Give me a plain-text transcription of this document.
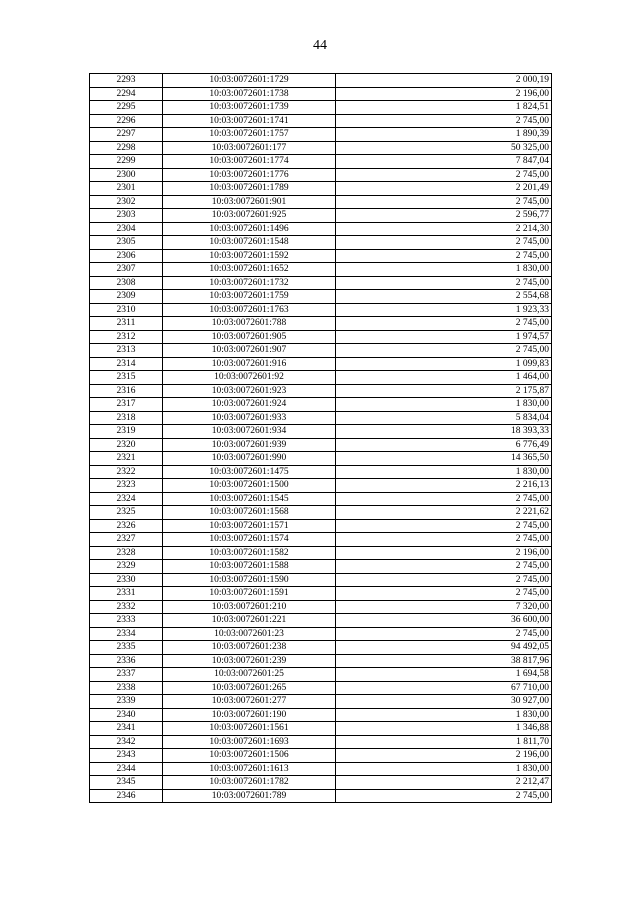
44
2293	10:03:0072601:1729	2 000,19
2294	10:03:0072601:1738	2 196,00
2295	10:03:0072601:1739	1 824,51
2296	10:03:0072601:1741	2 745,00
2297	10:03:0072601:1757	1 890,39
2298	10:03:0072601:177	50 325,00
2299	10:03:0072601:1774	7 847,04
2300	10:03:0072601:1776	2 745,00
2301	10:03:0072601:1789	2 201,49
2302	10:03:0072601:901	2 745,00
2303	10:03:0072601:925	2 596,77
2304	10:03:0072601:1496	2 214,30
2305	10:03:0072601:1548	2 745,00
2306	10:03:0072601:1592	2 745,00
2307	10:03:0072601:1652	1 830,00
2308	10:03:0072601:1732	2 745,00
2309	10:03:0072601:1759	2 554,68
2310	10:03:0072601:1763	1 923,33
2311	10:03:0072601:788	2 745,00
2312	10:03:0072601:905	1 974,57
2313	10:03:0072601:907	2 745,00
2314	10:03:0072601:916	1 099,83
2315	10:03:0072601:92	1 464,00
2316	10:03:0072601:923	2 175,87
2317	10:03:0072601:924	1 830,00
2318	10:03:0072601:933	5 834,04
2319	10:03:0072601:934	18 393,33
2320	10:03:0072601:939	6 776,49
2321	10:03:0072601:990	14 365,50
2322	10:03:0072601:1475	1 830,00
2323	10:03:0072601:1500	2 216,13
2324	10:03:0072601:1545	2 745,00
2325	10:03:0072601:1568	2 221,62
2326	10:03:0072601:1571	2 745,00
2327	10:03:0072601:1574	2 745,00
2328	10:03:0072601:1582	2 196,00
2329	10:03:0072601:1588	2 745,00
2330	10:03:0072601:1590	2 745,00
2331	10:03:0072601:1591	2 745,00
2332	10:03:0072601:210	7 320,00
2333	10:03:0072601:221	36 600,00
2334	10:03:0072601:23	2 745,00
2335	10:03:0072601:238	94 492,05
2336	10:03:0072601:239	38 817,96
2337	10:03:0072601:25	1 694,58
2338	10:03:0072601:265	67 710,00
2339	10:03:0072601:277	30 927,00
2340	10:03:0072601:190	1 830,00
2341	10:03:0072601:1561	1 346,88
2342	10:03:0072601:1693	1 811,70
2343	10:03:0072601:1506	2 196,00
2344	10:03:0072601:1613	1 830,00
2345	10:03:0072601:1782	2 212,47
2346	10:03:0072601:789	2 745,00
